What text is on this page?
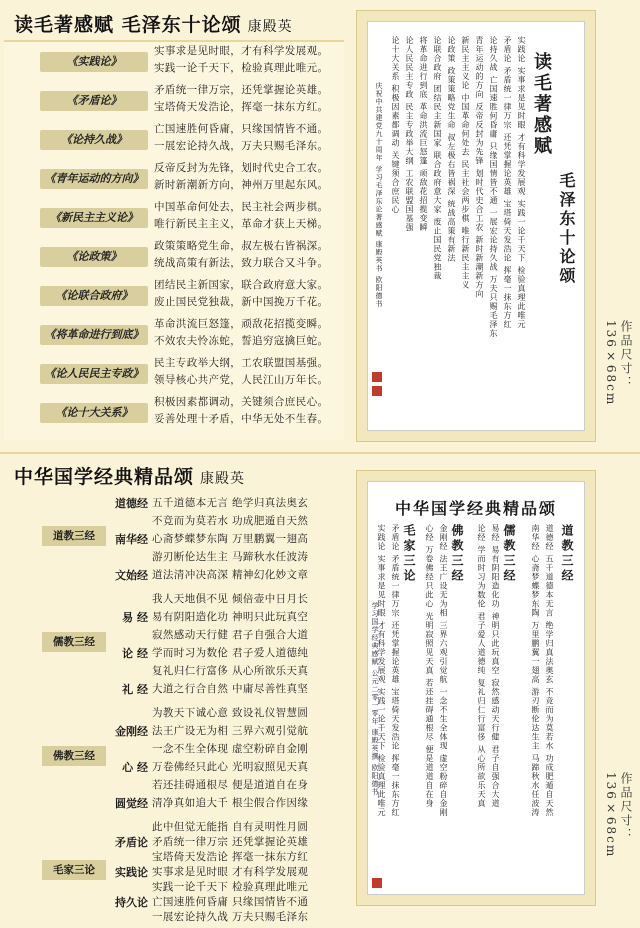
读毛著感赋 毛泽东十论颂 康殿英
《实践论》
实事求是见时眼，才有科学发展观。
实践一论千天下，检验真理此唯元。
《矛盾论》
矛盾统一律万宗，还凭掌握论英雄。
宝塔倚天发浩论，挥毫一抹东方红。
《论持久战》
亡国速胜何昏庸，只缘国情皆不通。
一展宏论持久战，万夫只赐毛泽东。
《青年运动的方向》
反帝反封为先锋，划时代史合工农。
新时新潮新方向，神州万里起东风。
《新民主主义论》
中国革命何处去，民主社会两步棋。
唯行新民主主义，革命才获上天梯。
《论政策》
政策策略党生命，叔左极右皆祸深。
统战高策有新法，致力联合又斗争。
《论联合政府》
团结民主新国家，联合政府意大家。
废止国民党独裁，新中国挽万千花。
《将革命进行到底》
革命洪流巨怒篷，顽敌花招揽变瞬。
不效农夫怜冻蛇，誓追穷寇擒巨蛇。
《论人民民主专政》
民主专政举大纲，工农联盟国基强。
领导核心共产党，人民江山万年长。
《论十大关系》
积极因素都调动，关键须合庶民心。
妥善处理十矛盾，中华无处不生春。
读毛著感赋
毛泽东十论颂
实践论 实事求是见时眼 才有科学发展观 实践一论千天下 检验真理此唯元
矛盾论 矛盾统一律万宗 还凭掌握论英雄 宝塔倚天发浩论 挥毫一抹东方红
论持久战 亡国速胜何昏庸 只缘国情皆不通 一展宏论持久战 万夫只赐毛泽东
青年运动的方向 反帝反封为先锋 划时代史合工农 新时新潮新方向
新民主主义论 中国革命何处去 民主社会两步棋 唯行新民主主义
论政策 政策策略党生命 叔左极右皆祸深 统战高策有新法
论联合政府 团结民主新国家 联合政府意大家 废止国民党独裁
将革命进行到底 革命洪流巨怒篷 顽敌花招揽变瞬
论人民民主专政 民主专政举大纲 工农联盟国基强
论十大关系 积极因素都调动 关键须合庶民心
庆祝中共建党九十周年 学习毛泽东论著感赋 康殿英书 欧阳德书
作品尺寸：136×68cm
中华国学经典精品颂 康殿英
道教三经
道德经 五千道德本无言 绝学归真法奥玄
不竞而为莫若水 功成肥遁自天然
南华经 心斋梦蝶梦东陶 万里鹏翼一翅高
游刃断伦达生主 马蹄秋水任波涛
文始经 道法清冲决高深 精神幻化妙文章
儒教三经
我人天地俱不见 倾倍壶中日月长
易 经 易有阴阳造化功 神明只此玩真空
寂然感动天行健 君子自强合大道
论 经 学而时习为数伦 君子爱人道德纯
复礼归仁行富侈 从心所欲乐天真
礼 经 大道之行合自然 中庸尽善性真坚
佛教三经
为教天下诚心意 致设礼仪智慧圆
金刚经 法王广设无为相 三界六观引觉航
一念不生全体现 虚空粉碎自金刚
心 经 万卷佛经只此心 光明寂照见天真
若还挂碍通根尽 便是道道自在身
圆觉经 清净真如追大千 根尘假合作因缘
毛家三论
此中但觉无能指 自有灵明性月圆
矛盾论 矛盾统一律万宗 还凭掌握论英雄
宝塔倚天发浩论 挥毫一抹东方红
实践论 实事求是见时眼 才有科学发展观
实践一论千天下 检验真理此唯元
持久论 亡国速胜何昏庸 只缘国情皆不通
一展宏论持久战 万夫只赐毛泽东
中华国学经典精品颂
道教三经
儒教三经
佛教三经
毛家三论	道德经 五千道德本无言 绝学归真法奥玄 不竞而为莫若水 功成肥遁自天然
南华经 心斋梦蝶梦东陶 万里鹏翼一翅高 游刃断伦达生主 马蹄秋水任波涛
易经 易有阴阳造化功 神明只此玩真空 寂然感动天行健 君子自强合大道
论经 学而时习为数伦 君子爱人道德纯 复礼归仁行富侈 从心所欲乐天真
金刚经 法王广设无为相 三界六观引觉航 一念不生全体现 虚空粉碎自金刚
心经 万卷佛经只此心 光明寂照见天真 若还挂碍通根尽 便是道道自在身
矛盾论 矛盾统一律万宗 还凭掌握论英雄 宝塔倚天发浩论 挥毫一抹东方红
实践论 实事求是见时眼 才有科学发展观 实践一论千天下 检验真理此唯元
学习国学经典感赋 公元二零一零年 康殿英撰 欧阳德书
作品尺寸：136×68cm
